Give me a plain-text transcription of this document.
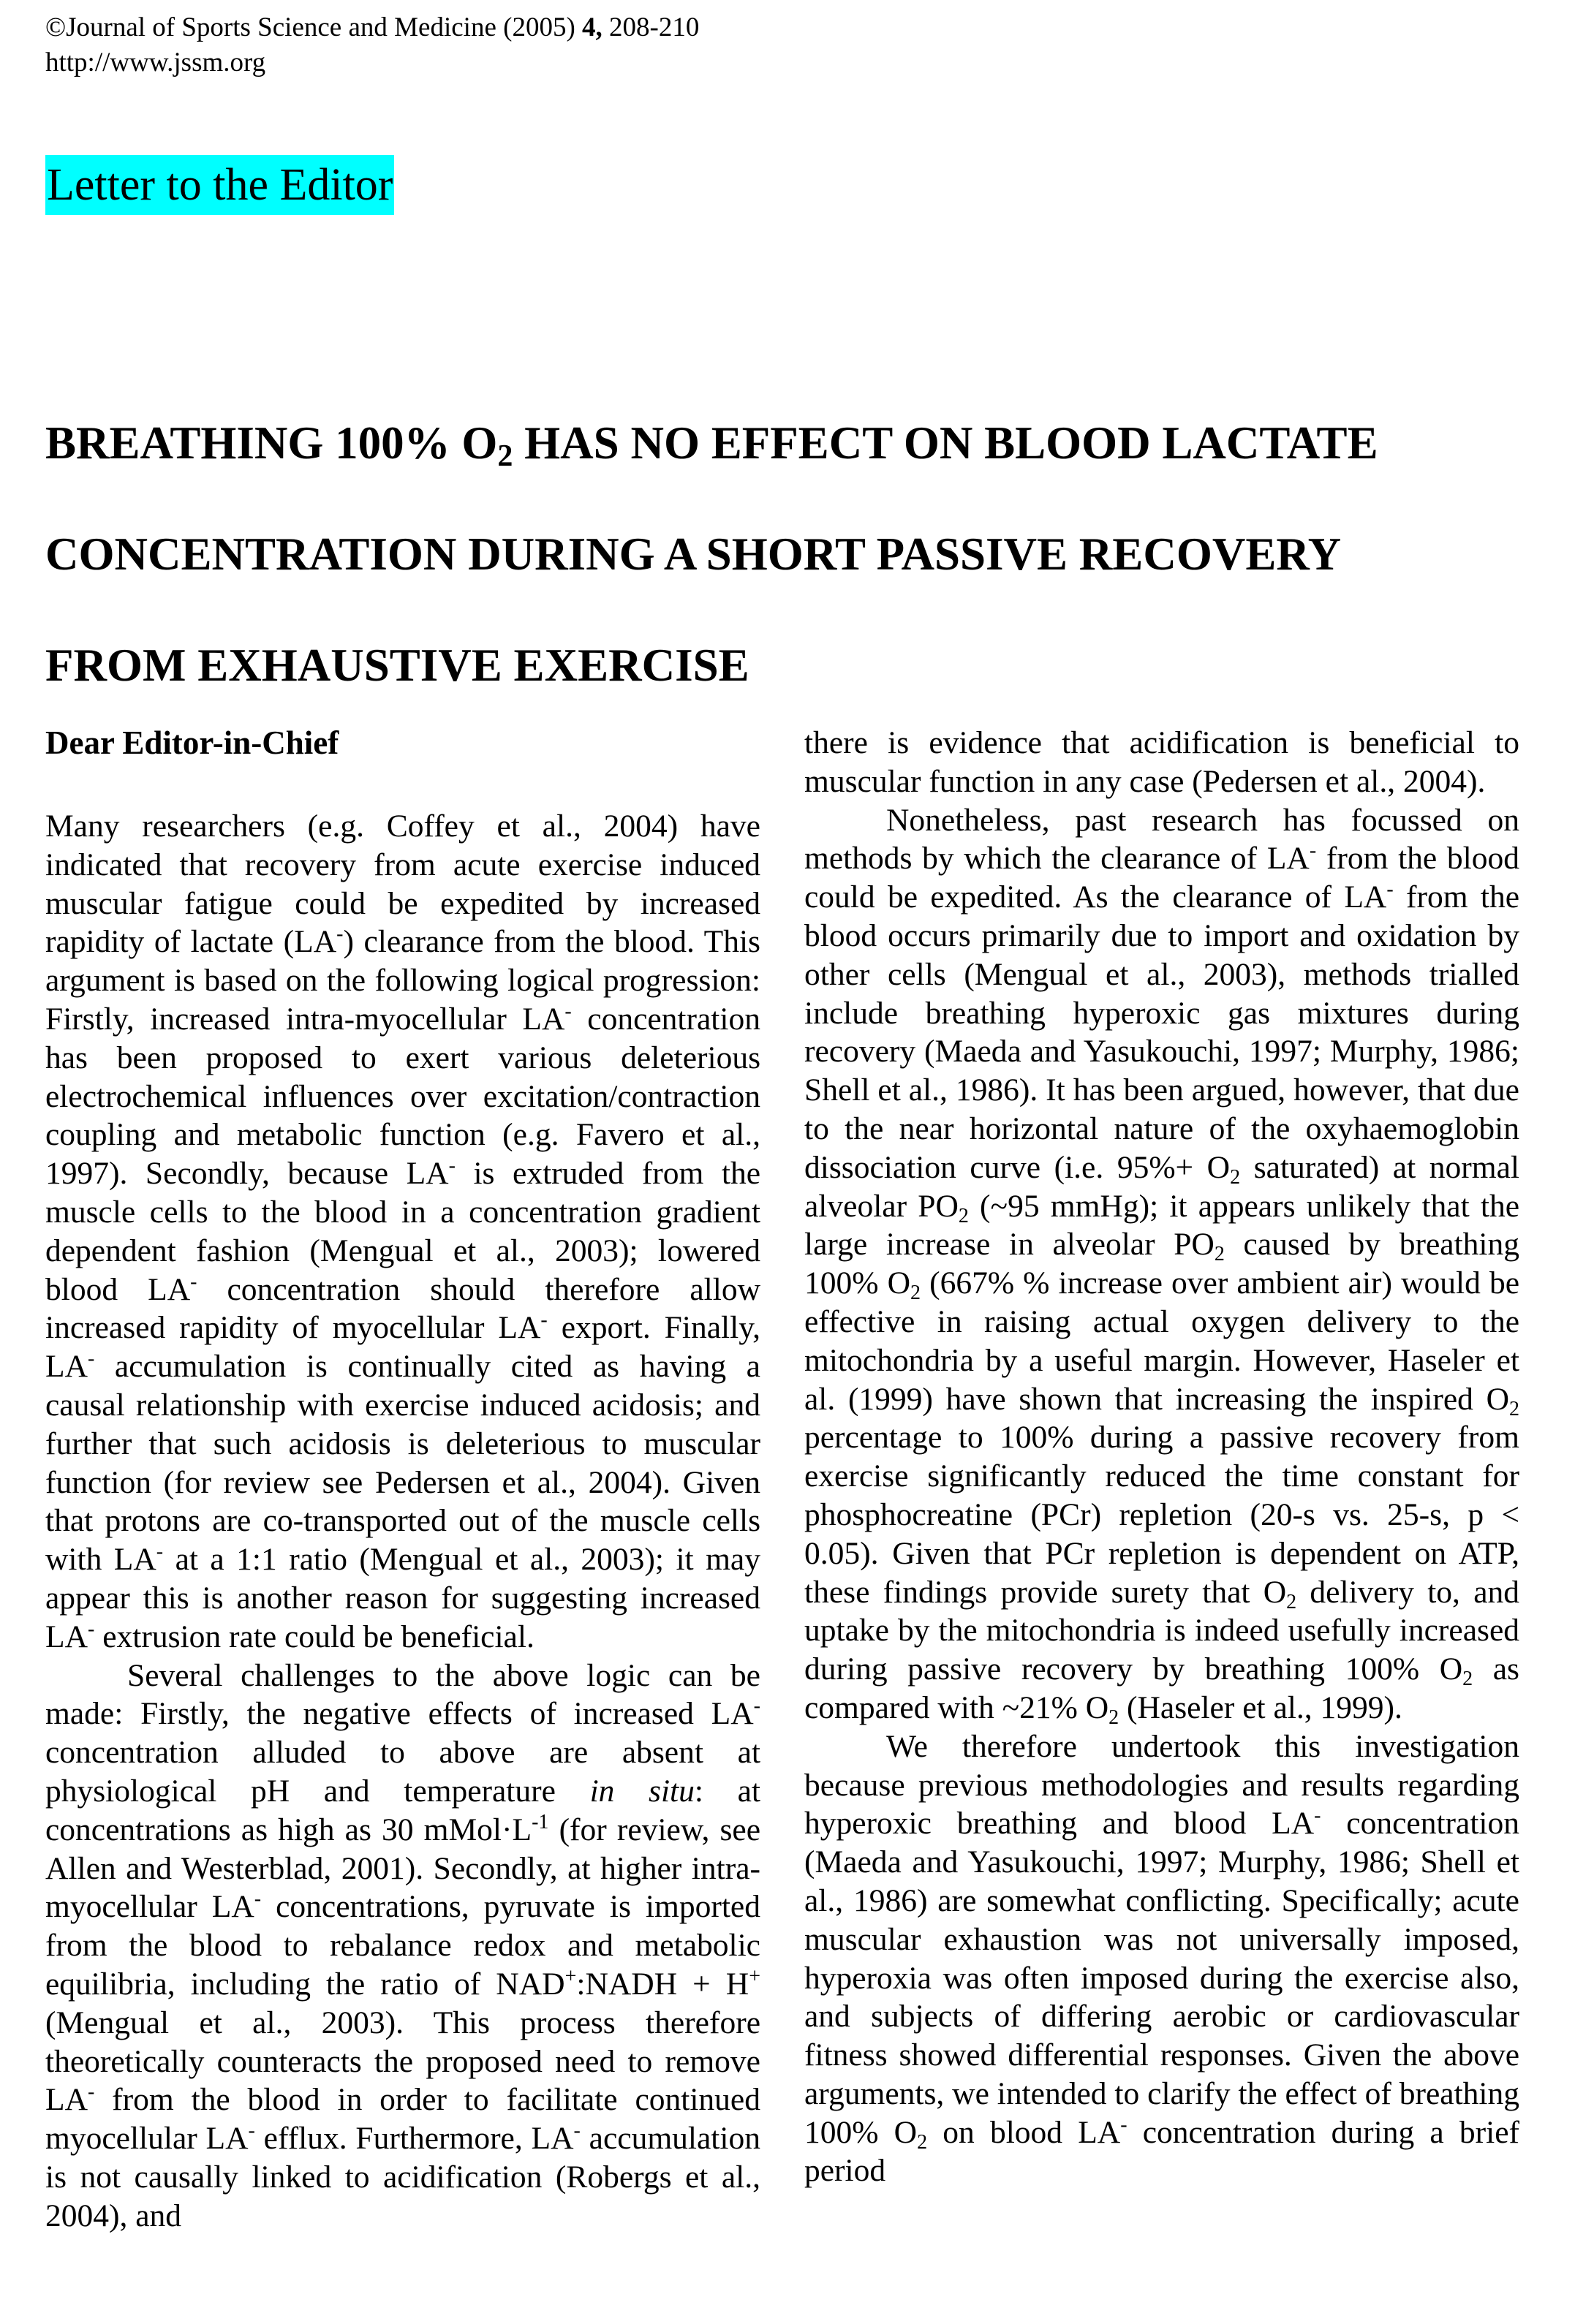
©Journal of Sports Science and Medicine (2005) 4, 208-210
http://www.jssm.org
Letter to the Editor
BREATHING 100% $O_2$ HAS NO EFFECT ON BLOOD LACTATE
CONCENTRATION DURING A SHORT PASSIVE RECOVERY
FROM EXHAUSTIVE EXERCISE
Dear Editor-in-Chief

Many researchers (e.g. Coffey et al., 2004) have indicated that recovery from acute exercise induced muscular fatigue could be expedited by increased rapidity of lactate (LA-) clearance from the blood. This argument is based on the following logical progression: Firstly, increased intra-myocellular LA- concentration has been proposed to exert various deleterious electrochemical influences over excitation/contraction coupling and metabolic function (e.g. Favero et al., 1997). Secondly, because LA- is extruded from the muscle cells to the blood in a concentration gradient dependent fashion (Mengual et al., 2003); lowered blood LA- concentration should therefore allow increased rapidity of myocellular LA- export. Finally, LA- accumulation is continually cited as having a causal relationship with exercise induced acidosis; and further that such acidosis is deleterious to muscular function (for review see Pedersen et al., 2004). Given that protons are co-transported out of the muscle cells with LA- at a 1:1 ratio (Mengual et al., 2003); it may appear this is another reason for suggesting increased LA- extrusion rate could be beneficial.

Several challenges to the above logic can be made: Firstly, the negative effects of increased LA- concentration alluded to above are absent at physiological pH and temperature in situ: at concentrations as high as 30 $mMol\cdot L^{-1}$ (for review, see Allen and Westerblad, 2001). Secondly, at higher intra-myocellular LA- concentrations, pyruvate is imported from the blood to rebalance redox and metabolic equilibria, including the ratio of NAD+:NADH + H+ (Mengual et al., 2003). This process therefore theoretically counteracts the proposed need to remove LA- from the blood in order to facilitate continued myocellular LA- efflux. Furthermore, LA- accumulation is not causally linked to acidification (Robergs et al., 2004), and

there is evidence that acidification is beneficial to muscular function in any case (Pedersen et al., 2004).

Nonetheless, past research has focussed on methods by which the clearance of LA- from the blood could be expedited. As the clearance of LA- from the blood occurs primarily due to import and oxidation by other cells (Mengual et al., 2003), methods trialled include breathing hyperoxic gas mixtures during recovery (Maeda and Yasukouchi, 1997; Murphy, 1986; Shell et al., 1986). It has been argued, however, that due to the near horizontal nature of the oxyhaemoglobin dissociation curve (i.e. $95\%+ O_2$ saturated) at normal alveolar $PO_2$ (~95 mmHg); it appears unlikely that the large increase in alveolar $PO_2$ caused by breathing 100% $O_2$ (667% % increase over ambient air) would be effective in raising actual oxygen delivery to the mitochondria by a useful margin. However, Haseler et al. (1999) have shown that increasing the inspired $O_2$ percentage to 100% during a passive recovery from exercise significantly reduced the time constant for phosphocreatine (PCr) repletion (20-s vs. 25-s, p < 0.05). Given that PCr repletion is dependent on ATP, these findings provide surety that $O_2$ delivery to, and uptake by the mitochondria is indeed usefully increased during passive recovery by breathing 100% $O_2$ as compared with ~21% $O_2$ (Haseler et al., 1999).

We therefore undertook this investigation because previous methodologies and results regarding hyperoxic breathing and blood LA- concentration (Maeda and Yasukouchi, 1997; Murphy, 1986; Shell et al., 1986) are somewhat conflicting. Specifically; acute muscular exhaustion was not universally imposed, hyperoxia was often imposed during the exercise also, and subjects of differing aerobic or cardiovascular fitness showed differential responses. Given the above arguments, we intended to clarify the effect of breathing 100% $O_2$ on blood LA- concentration during a brief period
